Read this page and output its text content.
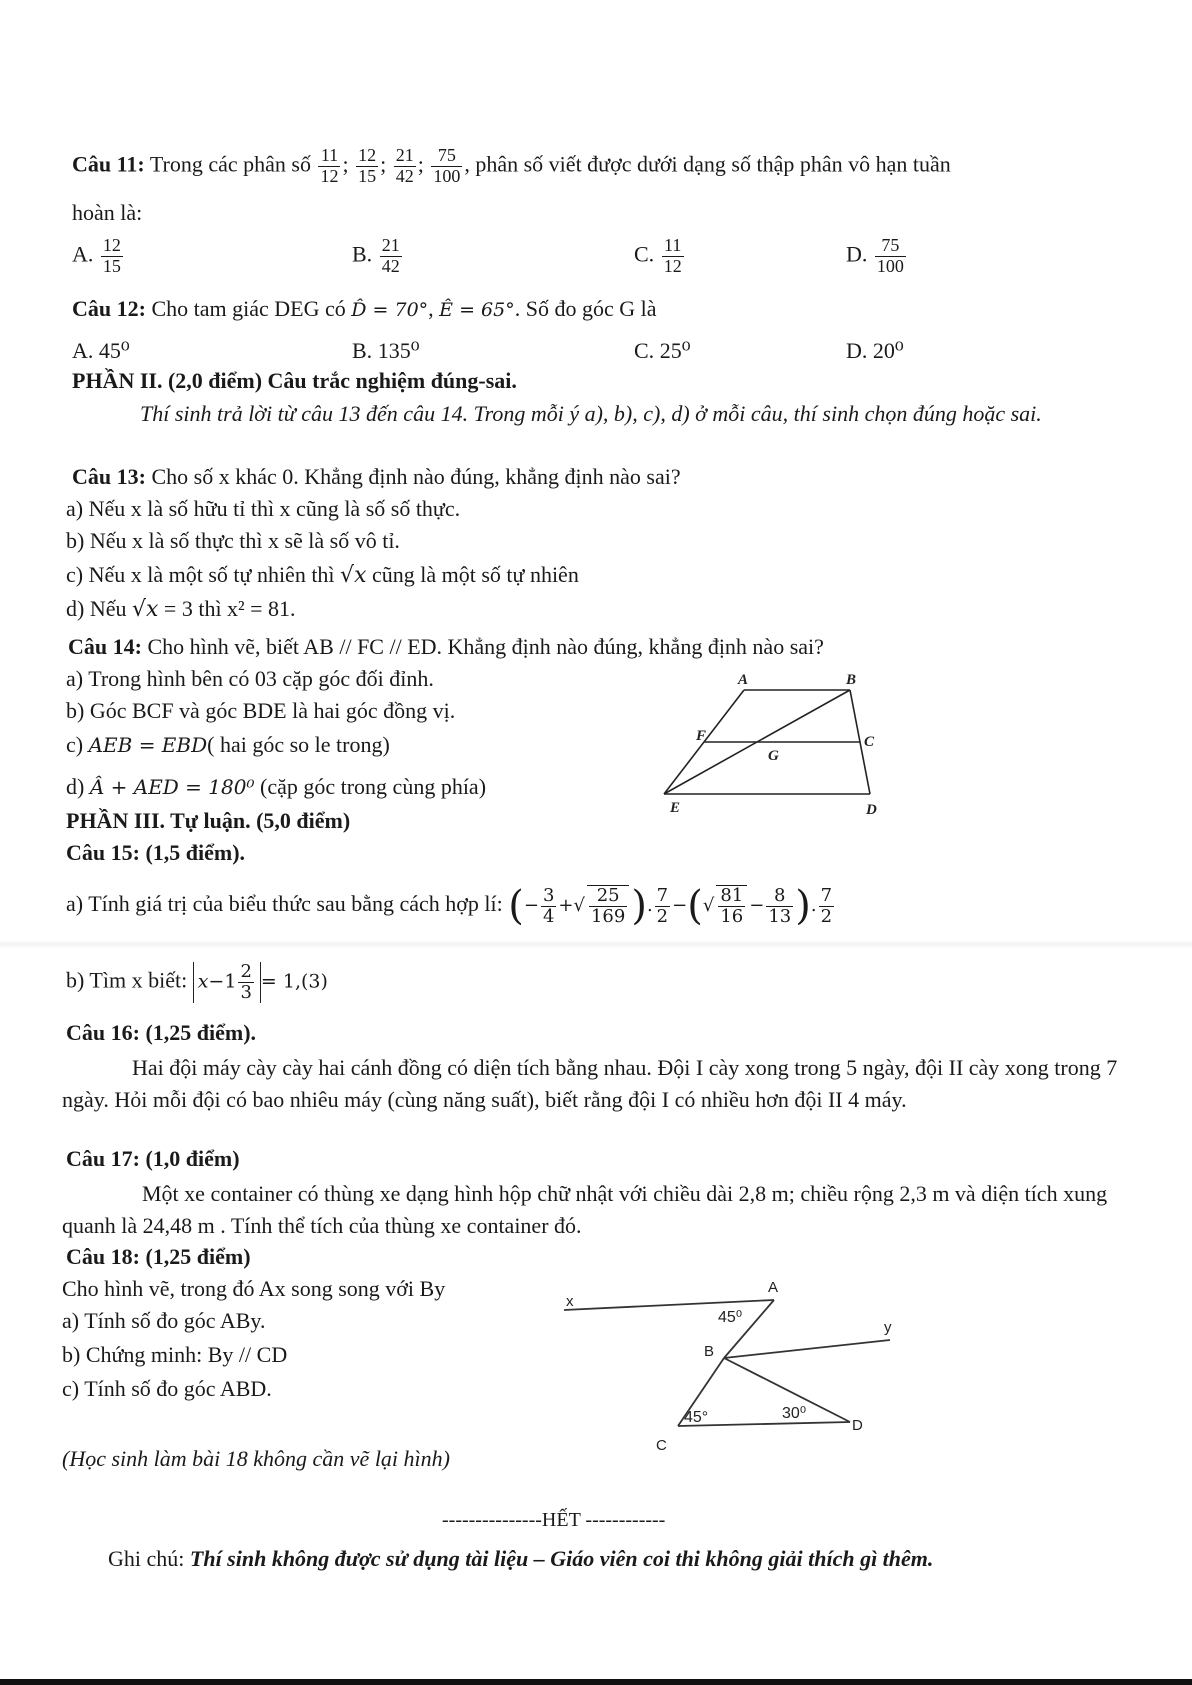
Câu 11: Trong các phân số $\frac{11}{12}$ ; $\frac{12}{15}$ ; $\frac{21}{42}$ ; $\frac{75}{100}$ , phân số viết được dưới dạng số thập phân vô hạn tuần
hoàn là:
A. $\frac{12}{15}$	B. $\frac{21}{42}$	C. $\frac{11}{12}$	D. $\frac{75}{100}$
Câu 12: Cho tam giác DEG có D̂ = 70°, Ê = 65°. Số đo góc G là
A. 45⁰	B. 135⁰	C. 25⁰	D. 20⁰
PHẦN II. (2,0 điểm) Câu trắc nghiệm đúng-sai.
Thí sinh trả lời từ câu 13 đến câu 14. Trong mỗi ý a), b), c), d) ở mỗi câu, thí sinh chọn đúng hoặc sai.
Câu 13: Cho số x khác 0. Khẳng định nào đúng, khẳng định nào sai?
a) Nếu x là số hữu tỉ thì x cũng là số số thực.
b) Nếu x là số thực thì x sẽ là số vô tỉ.
c) Nếu x là một số tự nhiên thì √x cũng là một số tự nhiên
d) Nếu √x = 3 thì x² = 81.
Câu 14: Cho hình vẽ, biết AB // FC // ED. Khẳng định nào đúng, khẳng định nào sai?
a) Trong hình bên có 03 cặp góc đối đỉnh.
b) Góc BCF và góc BDE là hai góc đồng vị.
c) AEB = EBD( hai góc so le trong)
d) Â + AED = 180⁰ (cặp góc trong cùng phía)
A	B
F
G
C
E	D
PHẦN III. Tự luận. (5,0 điểm)
Câu 15: (1,5 điểm).
a) Tính giá trị của biểu thức sau bằng cách hợp lí: (− $\frac{3}{4}$ +√ $\frac{25}{169}$ ). $\frac{7}{2}$ −(√ $\frac{81}{16} - \frac{8}{13}$ ). $\frac{7}{2}$
b) Tìm x biết: $x-1 \frac{2}{3} = 1,(3)$
Câu 16: (1,25 điểm).
Hai đội máy cày cày hai cánh đồng có diện tích bằng nhau. Đội I cày xong trong 5 ngày, đội II cày xong trong 7 ngày. Hỏi mỗi đội có bao nhiêu máy (cùng năng suất), biết rằng đội I có nhiều hơn đội II 4 máy.
Câu 17: (1,0 điểm)
Một xe container có thùng xe dạng hình hộp chữ nhật với chiều dài 2,8 m; chiều rộng 2,3 m và diện tích xung quanh là 24,48 m . Tính thể tích của thùng xe container đó.
Câu 18: (1,25 điểm)
Cho hình vẽ, trong đó Ax song song với By
a) Tính số đo góc ABy.
b) Chứng minh: By // CD
c) Tính số đo góc ABD.
(Học sinh làm bài 18 không cần vẽ lại hình)
A
x
y
B
C
D
45⁰
45°	30⁰
---------------HẾT ------------
Ghi chú: Thí sinh không được sử dụng tài liệu – Giáo viên coi thi không giải thích gì thêm.
